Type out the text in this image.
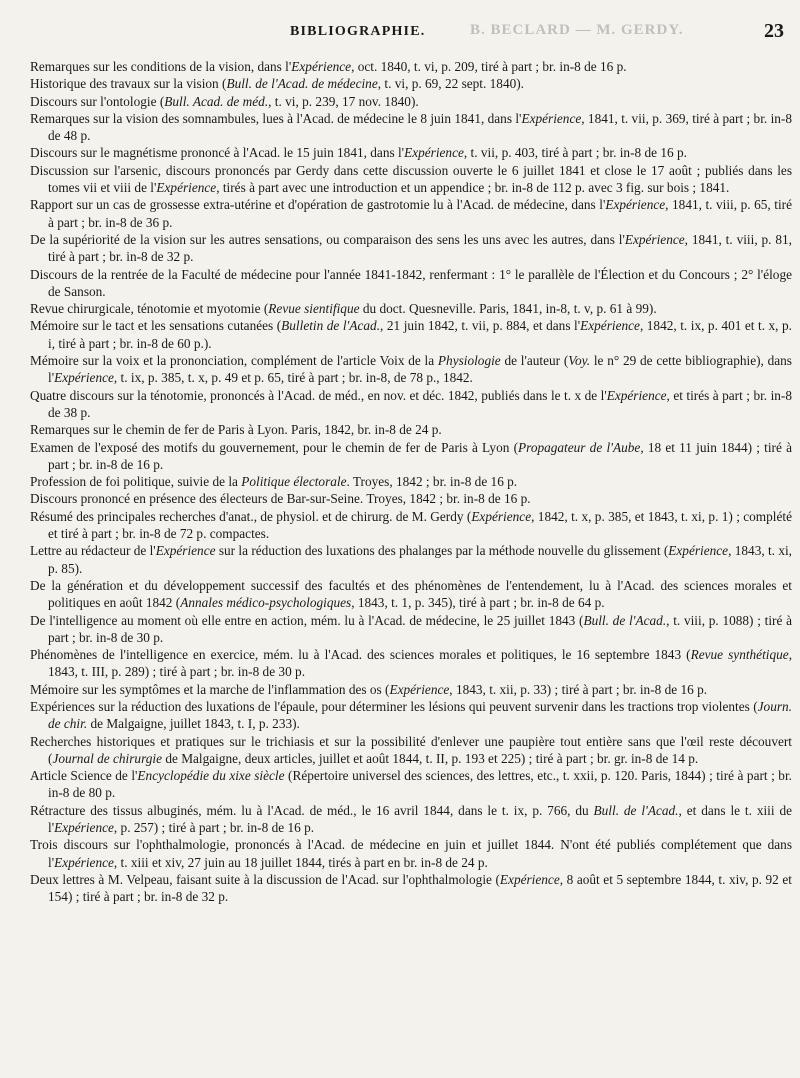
B. BECLARD — M. GERDY.
BIBLIOGRAPHIE.	23

Remarques sur les conditions de la vision, dans l'Expérience, oct. 1840, t. vi, p. 209, tiré à part ; br. in-8 de 16 p.

Historique des travaux sur la vision (Bull. de l'Acad. de médecine, t. vi, p. 69, 22 sept. 1840).

Discours sur l'ontologie (Bull. Acad. de méd., t. vi, p. 239, 17 nov. 1840).

Remarques sur la vision des somnambules, lues à l'Acad. de médecine le 8 juin 1841, dans l'Expérience, 1841, t. vii, p. 369, tiré à part ; br. in-8 de 48 p.

Discours sur le magnétisme prononcé à l'Acad. le 15 juin 1841, dans l'Expérience, t. vii, p. 403, tiré à part ; br. in-8 de 16 p.

Discussion sur l'arsenic, discours prononcés par Gerdy dans cette discussion ouverte le 6 juillet 1841 et close le 17 août ; publiés dans les tomes vii et viii de l'Expérience, tirés à part avec une introduction et un appendice ; br. in-8 de 112 p. avec 3 fig. sur bois ; 1841.

Rapport sur un cas de grossesse extra-utérine et d'opération de gastrotomie lu à l'Acad. de médecine, dans l'Expérience, 1841, t. viii, p. 65, tiré à part ; br. in-8 de 36 p.

De la supériorité de la vision sur les autres sensations, ou comparaison des sens les uns avec les autres, dans l'Expérience, 1841, t. viii, p. 81, tiré à part ; br. in-8 de 32 p.

Discours de la rentrée de la Faculté de médecine pour l'année 1841-1842, renfermant : 1° le parallèle de l'Élection et du Concours ; 2° l'éloge de Sanson.

Revue chirurgicale, ténotomie et myotomie (Revue sientifique du doct. Quesneville. Paris, 1841, in-8, t. v, p. 61 à 99).

Mémoire sur le tact et les sensations cutanées (Bulletin de l'Acad., 21 juin 1842, t. vii, p. 884, et dans l'Expérience, 1842, t. ix, p. 401 et t. x, p. i, tiré à part ; br. in-8 de 60 p.).

Mémoire sur la voix et la prononciation, complément de l'article Voix de la Physiologie de l'auteur (Voy. le n° 29 de cette bibliographie), dans l'Expérience, t. ix, p. 385, t. x, p. 49 et p. 65, tiré à part ; br. in-8, de 78 p., 1842.

Quatre discours sur la ténotomie, prononcés à l'Acad. de méd., en nov. et déc. 1842, publiés dans le t. x de l'Expérience, et tirés à part ; br. in-8 de 38 p.

Remarques sur le chemin de fer de Paris à Lyon. Paris, 1842, br. in-8 de 24 p.

Examen de l'exposé des motifs du gouvernement, pour le chemin de fer de Paris à Lyon (Propagateur de l'Aube, 18 et 11 juin 1844) ; tiré à part ; br. in-8 de 16 p.

Profession de foi politique, suivie de la Politique électorale. Troyes, 1842 ; br. in-8 de 16 p.

Discours prononcé en présence des électeurs de Bar-sur-Seine. Troyes, 1842 ; br. in-8 de 16 p.

Résumé des principales recherches d'anat., de physiol. et de chirurg. de M. Gerdy (Expérience, 1842, t. x, p. 385, et 1843, t. xi, p. 1) ; complété et tiré à part ; br. in-8 de 72 p. compactes.

Lettre au rédacteur de l'Expérience sur la réduction des luxations des phalanges par la méthode nouvelle du glissement (Expérience, 1843, t. xi, p. 85).

De la génération et du développement successif des facultés et des phénomènes de l'entendement, lu à l'Acad. des sciences morales et politiques en août 1842 (Annales médico-psychologiques, 1843, t. 1, p. 345), tiré à part ; br. in-8 de 64 p.

De l'intelligence au moment où elle entre en action, mém. lu à l'Acad. de médecine, le 25 juillet 1843 (Bull. de l'Acad., t. viii, p. 1088) ; tiré à part ; br. in-8 de 30 p.

Phénomènes de l'intelligence en exercice, mém. lu à l'Acad. des sciences morales et politiques, le 16 septembre 1843 (Revue synthétique, 1843, t. III, p. 289) ; tiré à part ; br. in-8 de 30 p.

Mémoire sur les symptômes et la marche de l'inflammation des os (Expérience, 1843, t. xii, p. 33) ; tiré à part ; br. in-8 de 16 p.

Expériences sur la réduction des luxations de l'épaule, pour déterminer les lésions qui peuvent survenir dans les tractions trop violentes (Journ. de chir. de Malgaigne, juillet 1843, t. I, p. 233).

Recherches historiques et pratiques sur le trichiasis et sur la possibilité d'enlever une paupière tout entière sans que l'œil reste découvert (Journal de chirurgie de Malgaigne, deux articles, juillet et août 1844, t. II, p. 193 et 225) ; tiré à part ; br. gr. in-8 de 14 p.

Article Science de l'Encyclopédie du xixe siècle (Répertoire universel des sciences, des lettres, etc., t. xxii, p. 120. Paris, 1844) ; tiré à part ; br. in-8 de 80 p.

Rétracture des tissus albuginés, mém. lu à l'Acad. de méd., le 16 avril 1844, dans le t. ix, p. 766, du Bull. de l'Acad., et dans le t. xiii de l'Expérience, p. 257) ; tiré à part ; br. in-8 de 16 p.

Trois discours sur l'ophthalmologie, prononcés à l'Acad. de médecine en juin et juillet 1844. N'ont été publiés complétement que dans l'Expérience, t. xiii et xiv, 27 juin au 18 juillet 1844, tirés à part en br. in-8 de 24 p.

Deux lettres à M. Velpeau, faisant suite à la discussion de l'Acad. sur l'ophthalmologie (Expérience, 8 août et 5 septembre 1844, t. xiv, p. 92 et 154) ; tiré à part ; br. in-8 de 32 p.
